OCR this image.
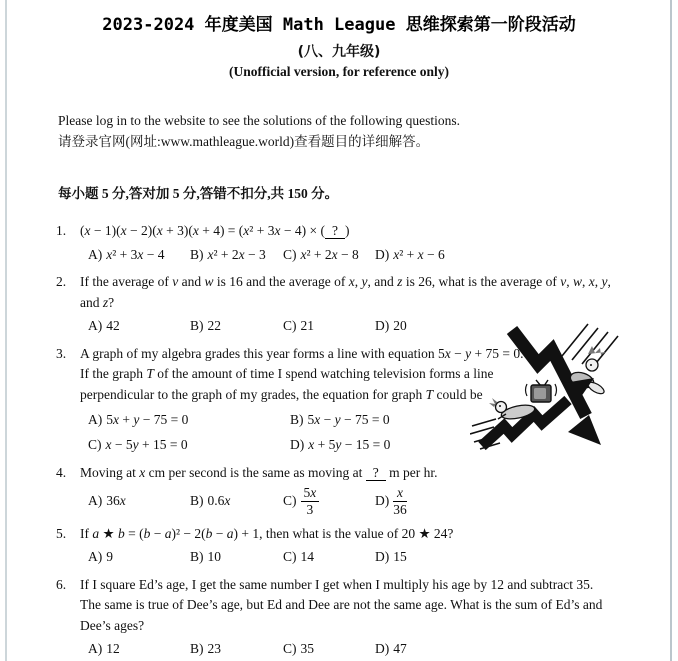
2023-2024 年度美国 Math League 思维探索第一阶段活动
(八、九年级)
(Unofficial version, for reference only)
Please log in to the website to see the solutions of the following questions.
请登录官网(网址:www.mathleague.world)查看题目的详细解答。
每小题 5 分,答对加 5 分,答错不扣分,共 150 分。
1.	(x − 1)(x − 2)(x + 3)(x + 4) = (x² + 3x − 4) × ( ? )
A) x² + 3x − 4	B) x² + 2x − 3	C) x² + 2x − 8	D) x² + x − 6
2.	If the average of v and w is 16 and the average of x, y, and z is 26, what is the average of v, w, x, y,
and z?
A) 42	B) 22	C) 21	D) 20
3.	A graph of my algebra grades this year forms a line with equation 5x − y + 75 = 0.
If the graph T of the amount of time I spend watching television forms a line
perpendicular to the graph of my grades, the equation for graph T could be
A) 5x + y − 75 = 0	B) 5x − y − 75 = 0
C) x − 5y + 15 = 0	D) x + 5y − 15 = 0
4.	Moving at x cm per second is the same as moving at ? m per hr.
A) 36x	B) 0.6x	$C) \frac{5x}{3}$	$D) \frac{x}{36}$
5.	If a ★ b = (b − a)² − 2(b − a) + 1, then what is the value of 20 ★ 24?
A) 9	B) 10	C) 14	D) 15
6.	If I square Ed’s age, I get the same number I get when I multiply his age by 12 and subtract 35.
The same is true of Dee’s age, but Ed and Dee are not the same age. What is the sum of Ed’s and
Dee’s ages?
A) 12	B) 23	C) 35	D) 47
